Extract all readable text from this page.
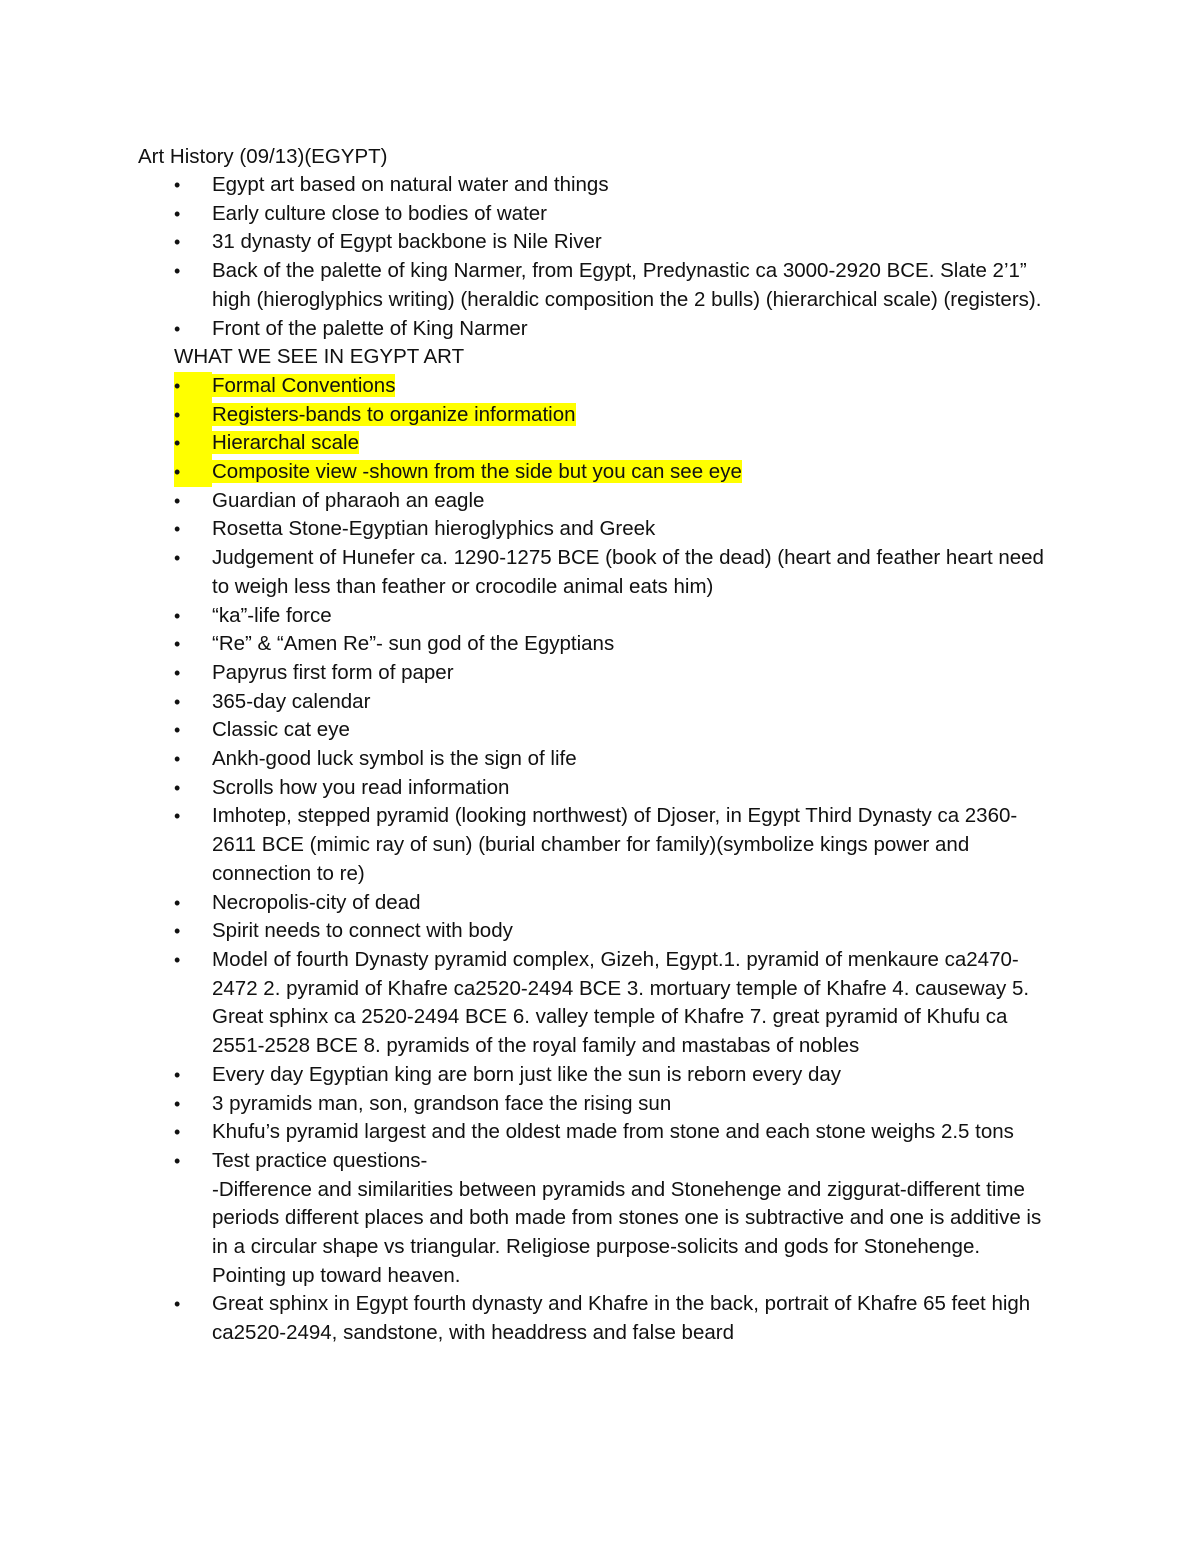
Art History (09/13)(EGYPT)

•	Egypt art based on natural water and things
•	Early culture close to bodies of water
•	31 dynasty of Egypt backbone is Nile River
•	Back of the palette of king Narmer, from Egypt, Predynastic ca 3000-2920 BCE. Slate 2’1” high (hieroglyphics writing) (heraldic composition the 2 bulls) (hierarchical scale) (registers).
•	Front of the palette of King Narmer

WHAT WE SEE IN EGYPT ART

•	Formal Conventions
•	Registers-bands to organize information
•	Hierarchal scale
•	Composite view -shown from the side but you can see eye
•	Guardian of pharaoh an eagle
•	Rosetta Stone-Egyptian hieroglyphics and Greek
•	Judgement of Hunefer ca. 1290-1275 BCE (book of the dead) (heart and feather heart need to weigh less than feather or crocodile animal eats him)
•	“ka”-life force
•	“Re” & “Amen Re”- sun god of the Egyptians
•	Papyrus first form of paper
•	365-day calendar
•	Classic cat eye
•	Ankh-good luck symbol is the sign of life
•	Scrolls how you read information
•	Imhotep, stepped pyramid (looking northwest) of Djoser, in Egypt Third Dynasty ca 2360-2611 BCE (mimic ray of sun) (burial chamber for family)(symbolize kings power and connection to re)
•	Necropolis-city of dead
•	Spirit needs to connect with body
•	Model of fourth Dynasty pyramid complex, Gizeh, Egypt.1. pyramid of menkaure ca2470-2472 2. pyramid of Khafre ca2520-2494 BCE 3. mortuary temple of Khafre 4. causeway 5. Great sphinx ca 2520-2494 BCE 6. valley temple of Khafre 7. great pyramid of Khufu ca 2551-2528 BCE 8. pyramids of the royal family and mastabas of nobles
•	Every day Egyptian king are born just like the sun is reborn every day
•	3 pyramids man, son, grandson face the rising sun
•	Khufu’s pyramid largest and the oldest made from stone and each stone weighs 2.5 tons
•	Test practice questions-
-Difference and similarities between pyramids and Stonehenge and ziggurat-different time periods different places and both made from stones one is subtractive and one is additive is in a circular shape vs triangular. Religiose purpose-solicits and gods for Stonehenge. Pointing up toward heaven.
•	Great sphinx in Egypt fourth dynasty and Khafre in the back, portrait of Khafre 65 feet high ca2520-2494, sandstone, with headdress and false beard
